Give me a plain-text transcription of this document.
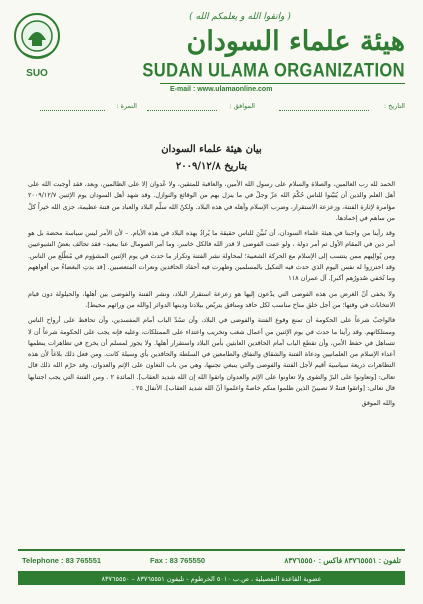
SUO
( واتقوا الله و يعلمكم الله )
هيئة علماء السودان
SUDAN ULAMA ORGANIZATION
E-mail : www.ulamaonline.com
التاريخ :
الموافق :
النمرة :
بيان هيئة علماء السودان
بتاريخ ٢٠٠٩/١٢/٨

الحمد لله رب العالمين، والصلاة والسلام على رسول الله الأمين، والعاقبة للمتقين، ولا عُدوان إلا على الظالمين، وبعد، فقد أوجبت الله على أهل العلم والدين أن يُبَيّنوا للناس حُكْمَ الله عزّ وجلّ في ما ينزل بهم من الوقائع والنوازل. وقد شهد أهل السودان يوم الإثنين ٢٠٠٩/١٢/٧ مؤامرة لإثارة الفتنة، وزعزعة الاستقرار، وضرب الإسلام وأهله في هذه البلاد. ولكنّ الله سلّم البلاد والعباد من فتنة عظيمة، جزى الله خيراً كلّ من ساهم في إخمادها.

وقد رأينا من واجبنا في هيئة علماء السودان، أن نُبيِّنَ للناس حقيقة ما يُرادُ بهذه البلاد في هذه الأيام. – لأن الأمر ليس سياسة محضة بل هو أمر دين في المقام الأول ثم أمر دولة ، ولو عمت الفوضى لا قدر الله فالكل خاسر، وما أمر الصومال عنا ببعيد– فقد تحالف بعضُ الشيوعيين ومن يُوالِيهم ممن ينتسب إلى الإسلام مع الحركة الشعبية؛ لمحاولة نشر الفتنة وتكرار ما حدث في يوم الإثنين المشؤوم في مُطْلَع من الناس. وقد احترزوا له نفس اليوم الذي حدث فيه التنكيل بالمسلمين وظهرت فيه أحقاد الحاقدين ونعرات المتعصبين. [قد بدتِ البغضاءُ من أفواههم وما تُخفي صُدورُهم أكبر]. آل عمران ١١٨

ولا يخفى أنّ الغرض من هذه الفوضى التي يدْعون إليها هو زعزعة استقرار البلاد، ونشر الفتنة والفوضى بين أهلها، والحيلولة دون قيام الانتخابات في وقتها؛ من أجل خلق مناخ مناسب لكل حاقد ومنافق يتربّص ببلادنا ودينها الدوائر [والله من ورائهم محيط].

فالواجبُ شرعاً على الحكومة أن تمنع وقوع الفتنة والفوضى في البلاد، وأن تسُدّ الباب أمام المفسدين، وأن تحافظ على أرواح الناس وممتلكاتهم. وقد رأينا ما حدث في يوم الإثنين من أعمال شغب وتخريب واعتداء على الممتلكات، وعليه فإنه يجب على الحكومة شرعاً أن لا تتساهل في حفظ الأمن، وأن تقطع الباب أمام الحاقدين العابثين بأمن البلاد واستقرار أهلها. ولا يجوز لمسلم أن يخرج في تظاهرات ينظمها أعداء الإسلام من العلمانيين ودعاة الفتنة والشقاق والنفاق والطامعين في السلطة والحاقدين بأي وسيلة كانت. ومن فعل ذلك بلاغاً لأن هذه التظاهرات ذريعة سياسية أقيم لأجل الفتنة والفوضى والتي ينبغي تجنبها، وهي من باب التعاون على الإثم والعدوان، وقد حرّم الله ذلك قال تعالى: [وتعاونوا على البرّ والتقوى ولا تعاونوا على الإثم والعدوان واتقوا الله إن الله شديد العقاب]. المائدة ٢ . ومن الفتنة التي يجب اجتنابها قال تعالى: [واتقوا فتنةً لا تصيبنّ الذين ظلموا منكم خاصةً واعلموا أنّ الله شديد العقاب]. الأنفال ٢٥ .

والله الموفق
Telephone : 83 765551	Fax : 83 765550	تلفون : ٨٣٧٦٥٥٥١ فاكس : ٨٣٧٦٥٥٥٠
عضوية القاعدة التفصيلية ، ص.ب ٥٠١٠ الخرطوم - تليفون ٨٣٧٦٥٥٥١ – ٨٣٧٦٥٥٥٠
